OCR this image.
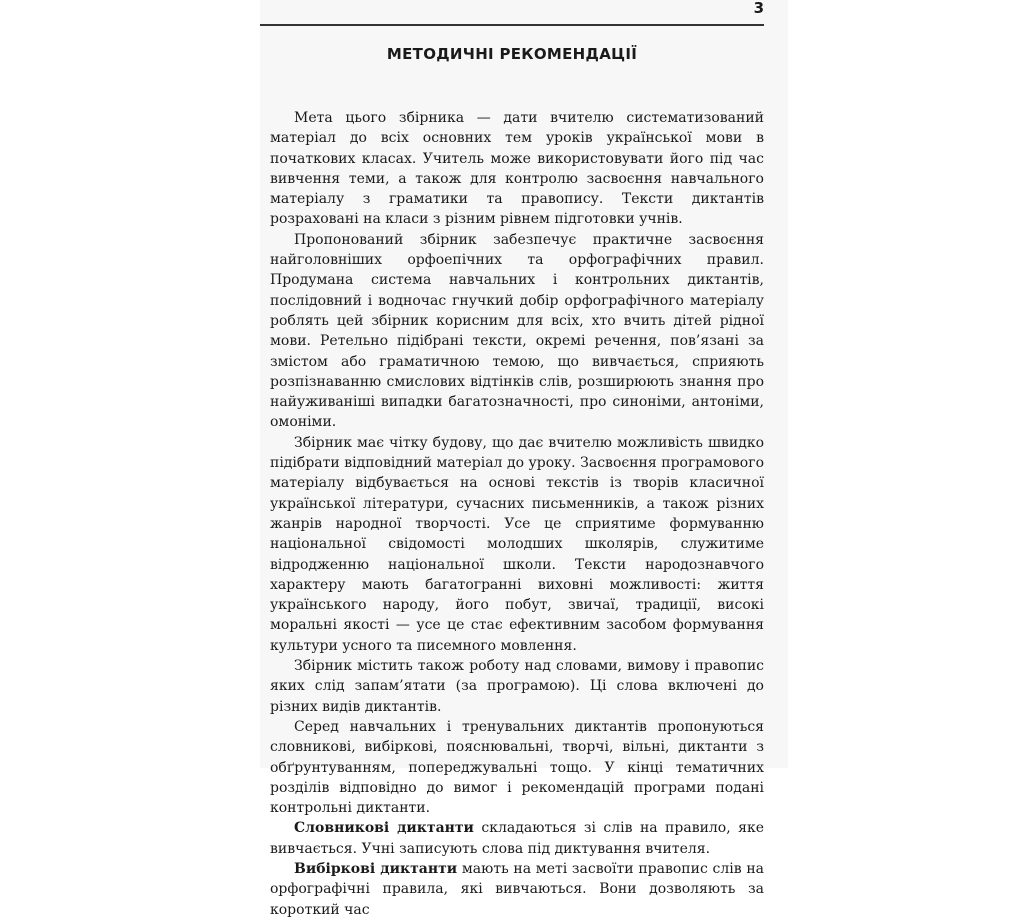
3
МЕТОДИЧНІ РЕКОМЕНДАЦІЇ

Мета цього збірника — дати вчителю систематизований матеріал до всіх основних тем уроків української мови в початкових класах. Учитель може використовувати його під час вивчення теми, а також для контролю засвоєння навчального матеріалу з граматики та правопису. Тексти диктантів розраховані на класи з різним рівнем підготовки учнів.

Пропонований збірник забезпечує практичне засвоєння найголовніших орфоепічних та орфографічних правил. Продумана система навчальних і контрольних диктантів, послідовний і водночас гнучкий добір орфографічного матеріалу роблять цей збірник корисним для всіх, хто вчить дітей рідної мови. Ретельно підібрані тексти, окремі речення, пов’язані за змістом або граматичною темою, що вивчається, сприяють розпізнаванню смислових відтінків слів, розширюють знання про найуживаніші випадки багатозначності, про синоніми, антоніми, омоніми.

Збірник має чітку будову, що дає вчителю можливість швидко підібрати відповідний матеріал до уроку. Засвоєння програмового матеріалу відбувається на основі текстів із творів класичної української літератури, сучасних письменників, а також різних жанрів народної творчості. Усе це сприятиме формуванню національної свідомості молодших школярів, служитиме відродженню національної школи. Тексти народознавчого характеру мають багатогранні виховні можливості: життя українського народу, його побут, звичаї, традиції, високі моральні якості — усе це стає ефективним засобом формування культури усного та писемного мовлення.

Збірник містить також роботу над словами, вимову і правопис яких слід запам’ятати (за програмою). Ці слова включені до різних видів диктантів.

Серед навчальних і тренувальних диктантів пропонуються словникові, вибіркові, пояснювальні, творчі, вільні, диктанти з обґрунтуванням, попереджувальні тощо. У кінці тематичних розділів відповідно до вимог і рекомендацій програми подані контрольні диктанти.

Словникові диктанти складаються зі слів на правило, яке вивчається. Учні записують слова під диктування вчителя.

Вибіркові диктанти мають на меті засвоїти правопис слів на орфографічні правила, які вивчаються. Вони дозволяють за короткий час
